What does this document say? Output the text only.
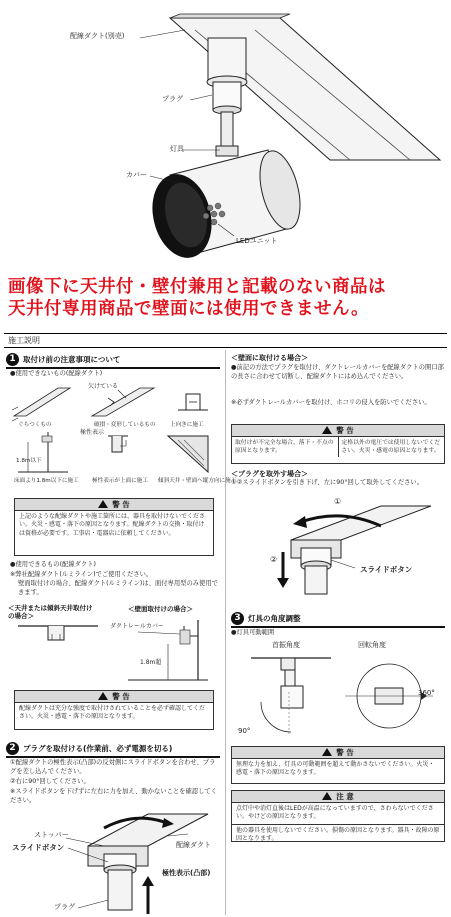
配線ダクト(別売)
プラグ
灯具
カバー
LEDユニット
画像下に天井付・壁付兼用と記載のない商品は
天井付専用商品で壁面には使用できません。
施工説明
1 取付け前の注意事項について
●使用できないもの(配線ダクト)
欠けている
ぐらつくもの	破損・変形しているもの	上向きに施工
極性表示
1.8m以下
床面より1.8m以下に施工 極性表示が上面に施工 傾斜天井・壁面へ縦方向に施工
警 告
上記のような配線ダクトや施工箇所には、器具を取付けないでください。火災・感電・落下の原因となります。配線ダクトの交換・取付けは資格が必要です。工事店・電器店に依頼してください。
●使用できるもの(配線ダクト)
※弊社配線ダクト(ルミライン)でご使用ください。
壁面取付けの場合、配線ダクト(ルミライン)は、面付専用型のみ使用できます。
＜天井または傾斜天井取付けの場合＞
＜壁面取付けの場合＞
ダクトレールカバー
1.8m超
警 告
配線ダクトは充分な強度で取付けされていることを必ず確認してください。火災・感電・落下の原因となります。
2 プラグを取付ける(作業前、必ず電源を切る)
①配線ダクトの極性表示(凸部)の反対側にスライドボタンを合わせ、プラグを差し込んでください。
②右に90°回してください。
※スライドボタンを下げずに左右に力を加え、動かないことを確認してください。
ストッパー
スライドボタン	配線ダクト
極性表示(凸部)
プラグ
＜壁面に取付ける場合＞
●前記の方法でプラグを取付け、ダクトレールカバーを配線ダクトの開口部の長さに合わせて切断し、配線ダクトにはめ込んでください。
※必ずダクトレールカバーを取付け、ホコリの侵入を防いでください。
警 告
取付けが不完全な場合、落下・不点の原因となります。
定格以外の電圧では使用しないでください。火災・感電の原因となります。
＜プラグを取外す場合＞
①②スライドボタンを引き下げ、左に90°回して取外してください。
①
②
スライドボタン
3 灯具の角度調整
●灯具可動範囲
首振角度	回転角度
90°
360°
警 告
無理な力を加え、灯具の可動範囲を超えて動かさないでください。火災・感電・落下の原因となります。
注 意
点灯中や消灯直後はLEDが高温になっていますので、さわらないでください。やけどの原因となります。
他の器具を使用しないでください。損傷の原因となります。器具・故障の原因となります。
